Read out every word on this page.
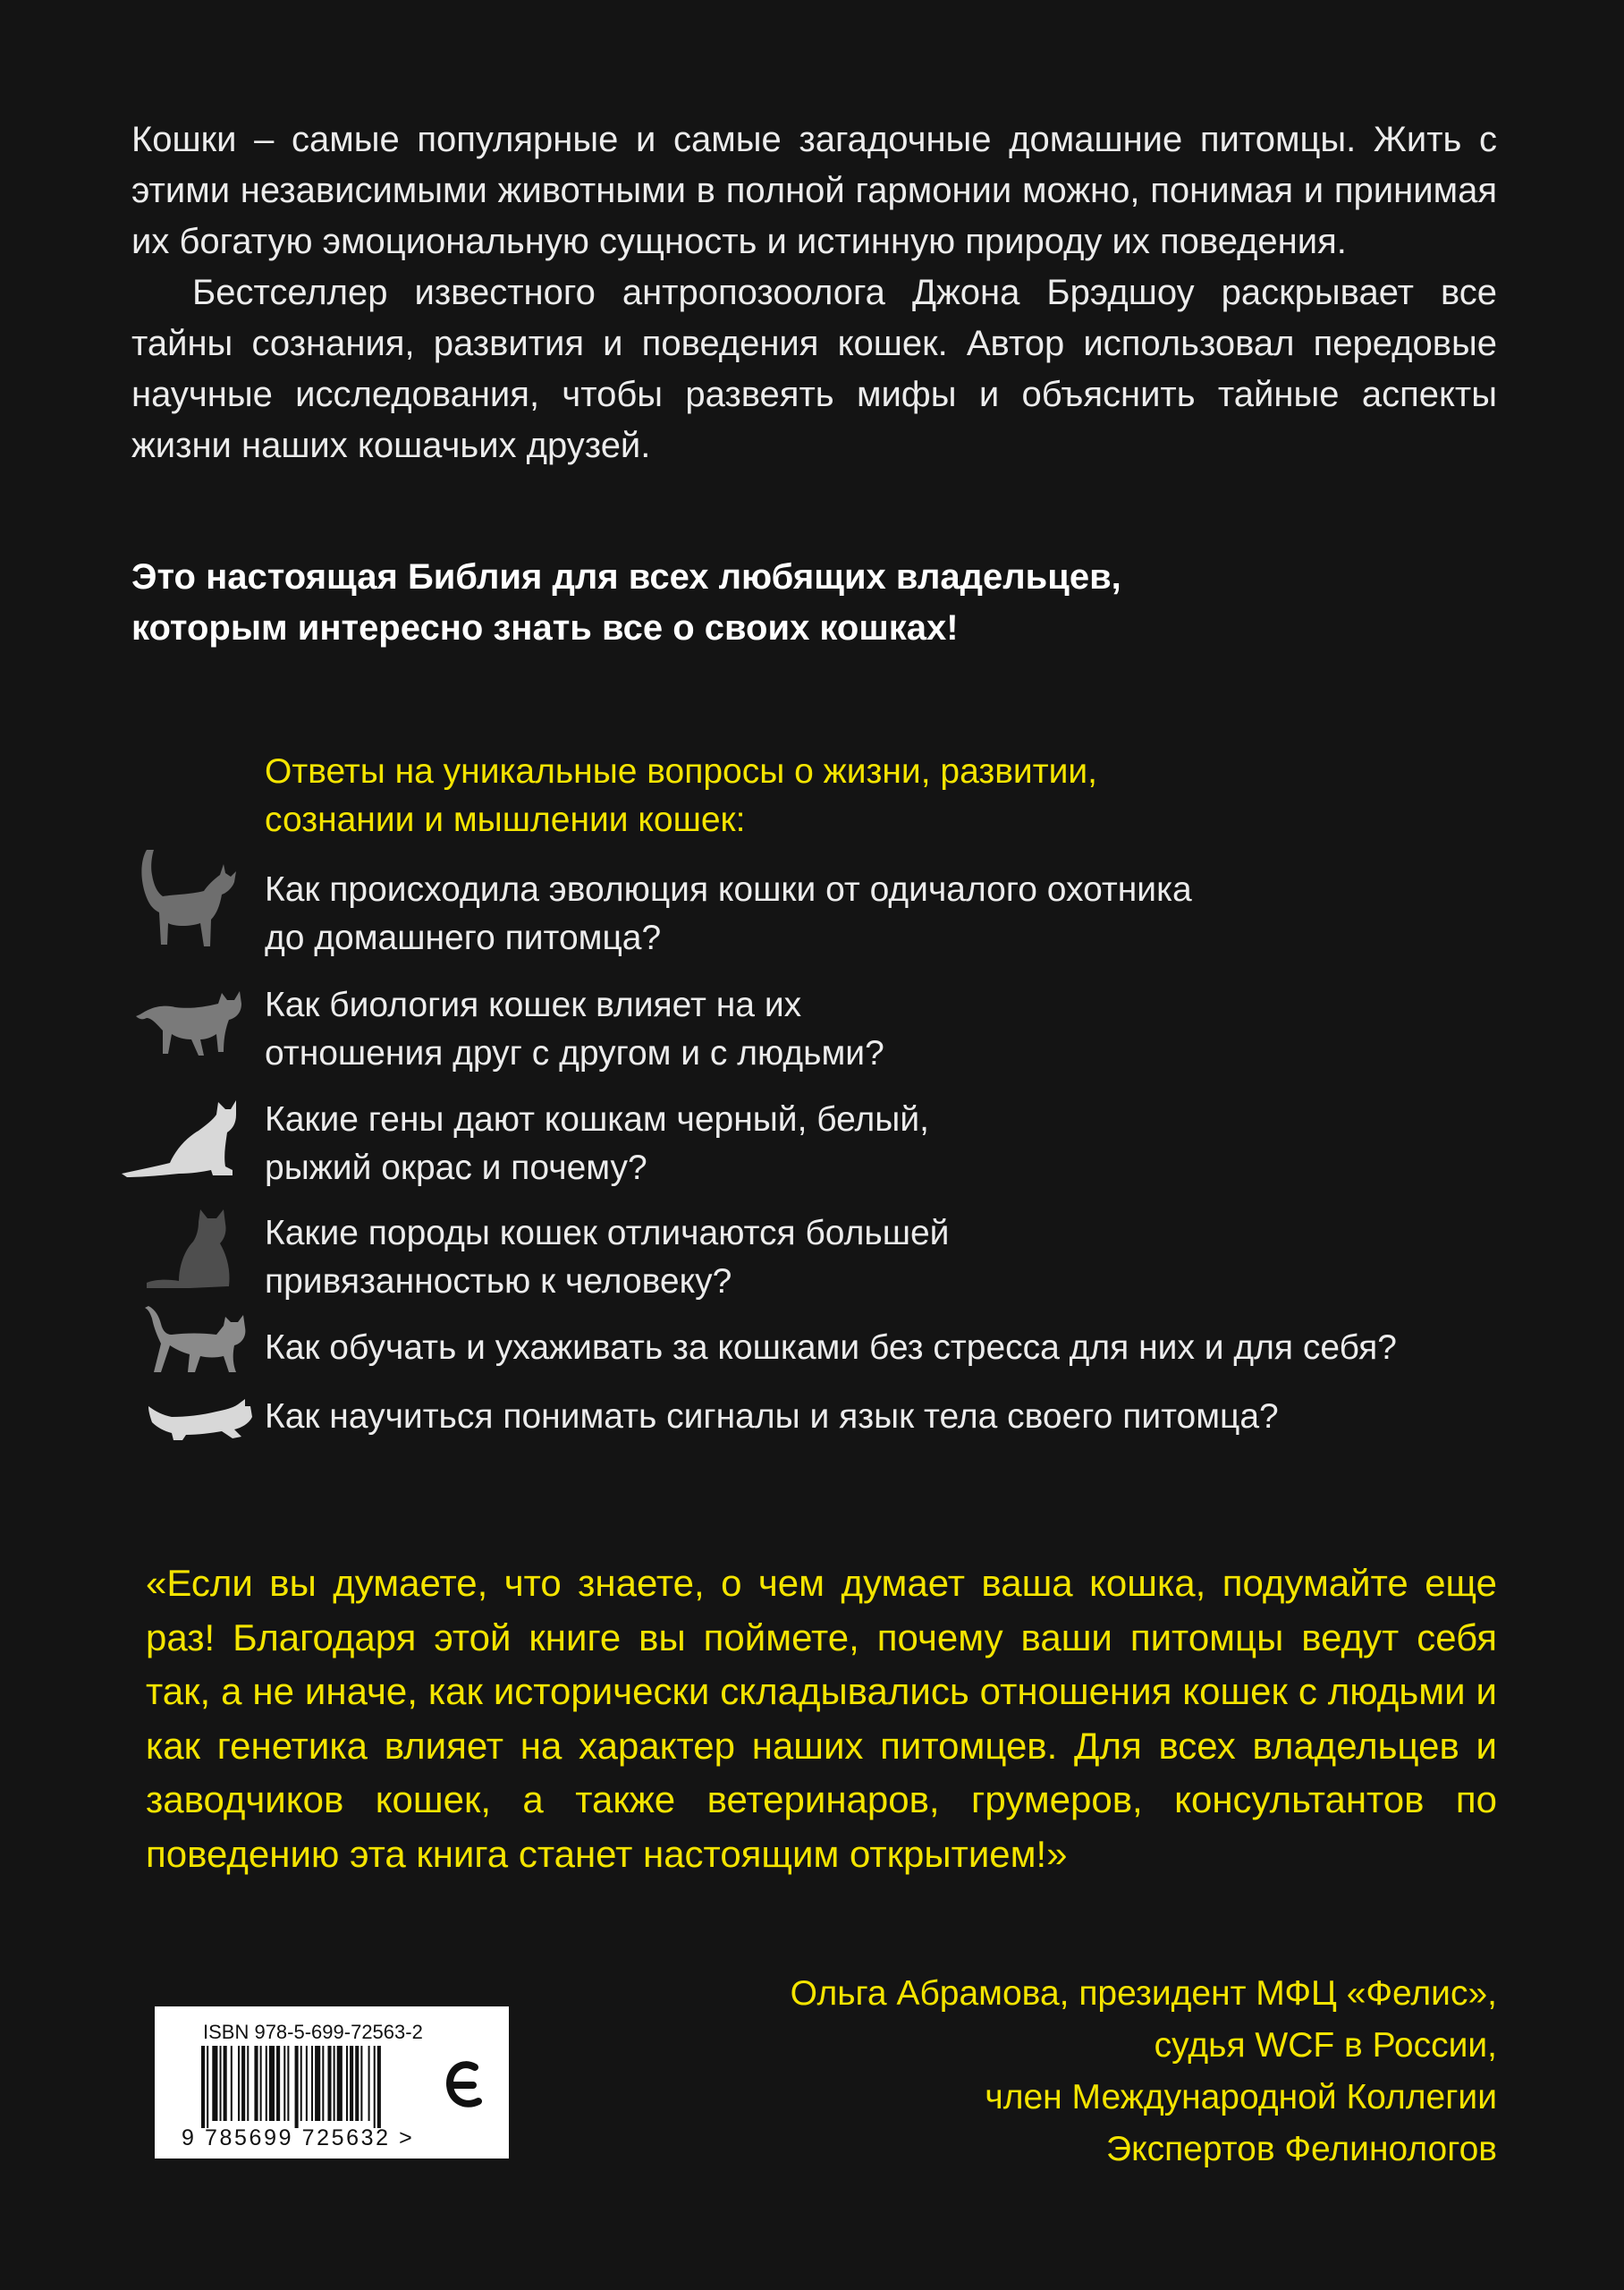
Кошки – самые популярные и самые загадочные домашние питомцы. Жить с этими независимыми животными в полной гармонии можно, понимая и принимая их богатую эмоциональную сущность и истинную природу их поведения.

Бестселлер известного антропозоолога Джона Брэдшоу раскрывает все тайны сознания, развития и поведения кошек. Автор использовал передовые научные исследования, чтобы развеять мифы и объяснить тайные аспекты жизни наших кошачьих друзей.

Это настоящая Библия для всех любящих владельцев,
которым интересно знать все о своих кошках!
Ответы на уникальные вопросы о жизни, развитии,
сознании и мышлении кошек:
Как происходила эволюция кошки от одичалого охотника
до домашнего питомца?
Как биология кошек влияет на их
отношения друг с другом и с людьми?
Какие гены дают кошкам черный, белый,
рыжий окрас и почему?
Какие породы кошек отличаются большей
привязанностью к человеку?
Как обучать и ухаживать за кошками без стресса для них и для себя?
Как научиться понимать сигналы и язык тела своего питомца?
«Если вы думаете, что знаете, о чем думает ваша кошка, подумайте еще раз! Благодаря этой книге вы поймете, почему ваши питомцы ведут себя так, а не иначе, как исторически складывались отношения кошек с людьми и как генетика влияет на характер наших питомцев. Для всех владельцев и заводчиков кошек, а также ветеринаров, грумеров, консультантов по поведению эта книга станет настоящим открытием!»
Ольга Абрамова, президент МФЦ «Фелис»,
судья WCF в России,
член Международной Коллегии
Экспертов Фелинологов
ISBN 978-5-699-72563-2
9 785699 725632 >
